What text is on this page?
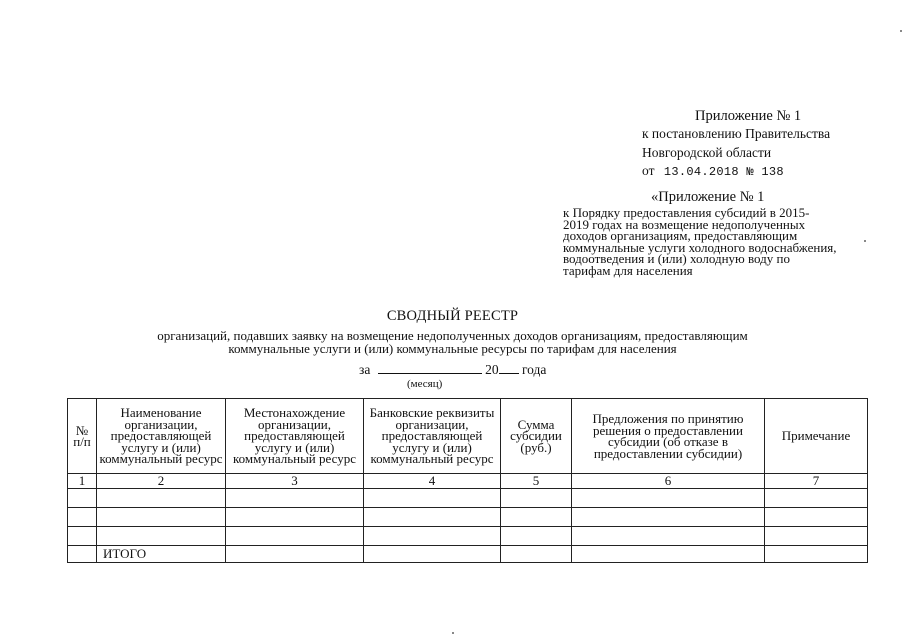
Приложение № 1
к постановлению Правительства
Новгородской области
от 13.04.2018 № 138
«Приложение № 1
к Порядку предоставления субсидий в 2015-
2019 годах на возмещение недополученных
доходов организациям, предоставляющим
коммунальные услуги холодного водоснабжения,
водоотведения и (или) холодную воду по
тарифам для населения
СВОДНЫЙ РЕЕСТР
организаций, подавших заявку на возмещение недополученных доходов организациям, предоставляющим
коммунальные услуги и (или) коммунальные ресурсы по тарифам для населения
за	20 года
(месяц)
№ п/п	Наименование организации, предоставляющей услугу и (или) коммунальный ресурс	Местонахождение организации, предоставляющей услугу и (или) коммунальный ресурс	Банковские реквизиты организации, предоставляющей услугу и (или) коммунальный ресурс	Сумма субсидии (руб.)	Предложения по принятию решения о предоставлении субсидии (об отказе в предоставлении субсидии)	Примечание
1	2	3	4	5	6	7

	ИТОГО					
